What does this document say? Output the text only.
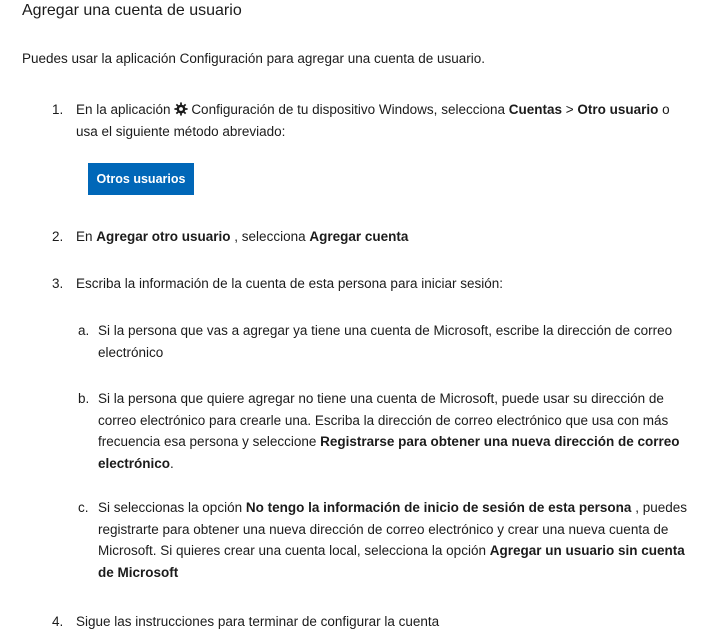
Agregar una cuenta de usuario
Puedes usar la aplicación Configuración para agregar una cuenta de usuario.
1. En la aplicación Configuración de tu dispositivo Windows, selecciona Cuentas > Otro usuario o usa el siguiente método abreviado:
Otros usuarios
2. En Agregar otro usuario , selecciona Agregar cuenta
3. Escriba la información de la cuenta de esta persona para iniciar sesión:
a. Si la persona que vas a agregar ya tiene una cuenta de Microsoft, escribe la dirección de correo electrónico
b. Si la persona que quiere agregar no tiene una cuenta de Microsoft, puede usar su dirección de correo electrónico para crearle una. Escriba la dirección de correo electrónico que usa con más frecuencia esa persona y seleccione Registrarse para obtener una nueva dirección de correo electrónico.
c. Si seleccionas la opción No tengo la información de inicio de sesión de esta persona , puedes registrarte para obtener una nueva dirección de correo electrónico y crear una nueva cuenta de Microsoft. Si quieres crear una cuenta local, selecciona la opción Agregar un usuario sin cuenta de Microsoft
4. Sigue las instrucciones para terminar de configurar la cuenta
